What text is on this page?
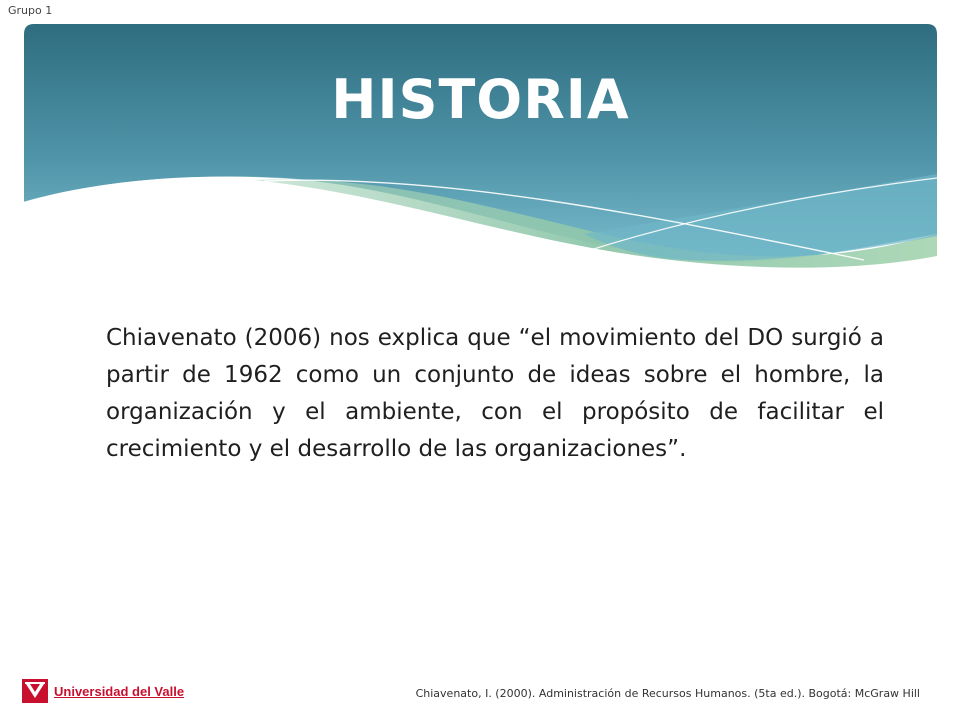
Grupo 1
HISTORIA
Chiavenato (2006) nos explica que “el movimiento del DO surgió a partir de 1962 como un conjunto de ideas sobre el hombre, la organización y el ambiente, con el propósito de facilitar el crecimiento y el desarrollo de las organizaciones”.
Universidad del Valle	Chiavenato, I. (2000). Administración de Recursos Humanos. (5ta ed.). Bogotá: McGraw Hill
